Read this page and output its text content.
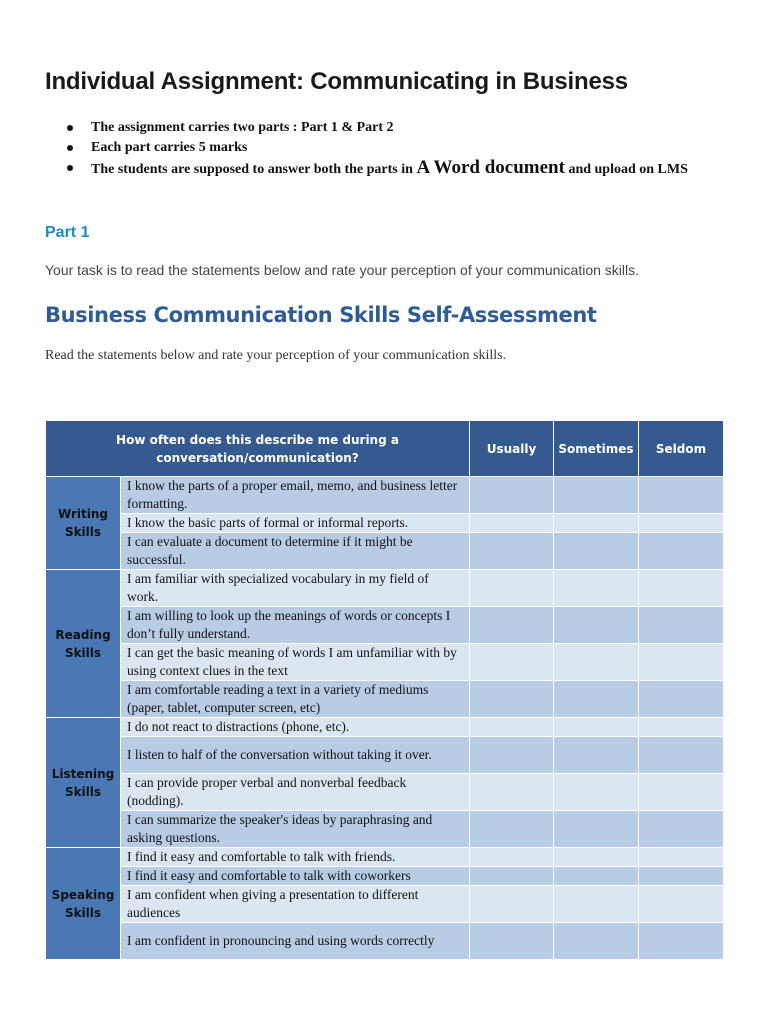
Individual Assignment: Communicating in Business
The assignment carries two parts : Part 1 & Part 2
Each part carries 5 marks
The students are supposed to answer both the parts in A Word document and upload on LMS
Part 1
Your task is to read the statements below and rate your perception of your communication skills.
Business Communication Skills Self-Assessment
Read the statements below and rate your perception of your communication skills.
How often does this describe me during a conversation/communication?		Usually	Sometimes	Seldom
Writing Skills	I know the parts of a proper email, memo, and business letter formatting.			
	I know the basic parts of formal or informal reports.			
	I can evaluate a document to determine if it might be successful.			
Reading Skills	I am familiar with specialized vocabulary in my field of work.			
	I am willing to look up the meanings of words or concepts I don’t fully understand.			
	I can get the basic meaning of words I am unfamiliar with by using context clues in the text			
	I am comfortable reading a text in a variety of mediums (paper, tablet, computer screen, etc)			
Listening Skills	I do not react to distractions (phone, etc).			
	I listen to half of the conversation without taking it over.			
	I can provide proper verbal and nonverbal feedback (nodding).			
	I can summarize the speaker's ideas by paraphrasing and asking questions.			
Speaking Skills	I find it easy and comfortable to talk with friends.			
	I find it easy and comfortable to talk with coworkers			
	I am confident when giving a presentation to different audiences			
	I am confident in pronouncing and using words correctly			
